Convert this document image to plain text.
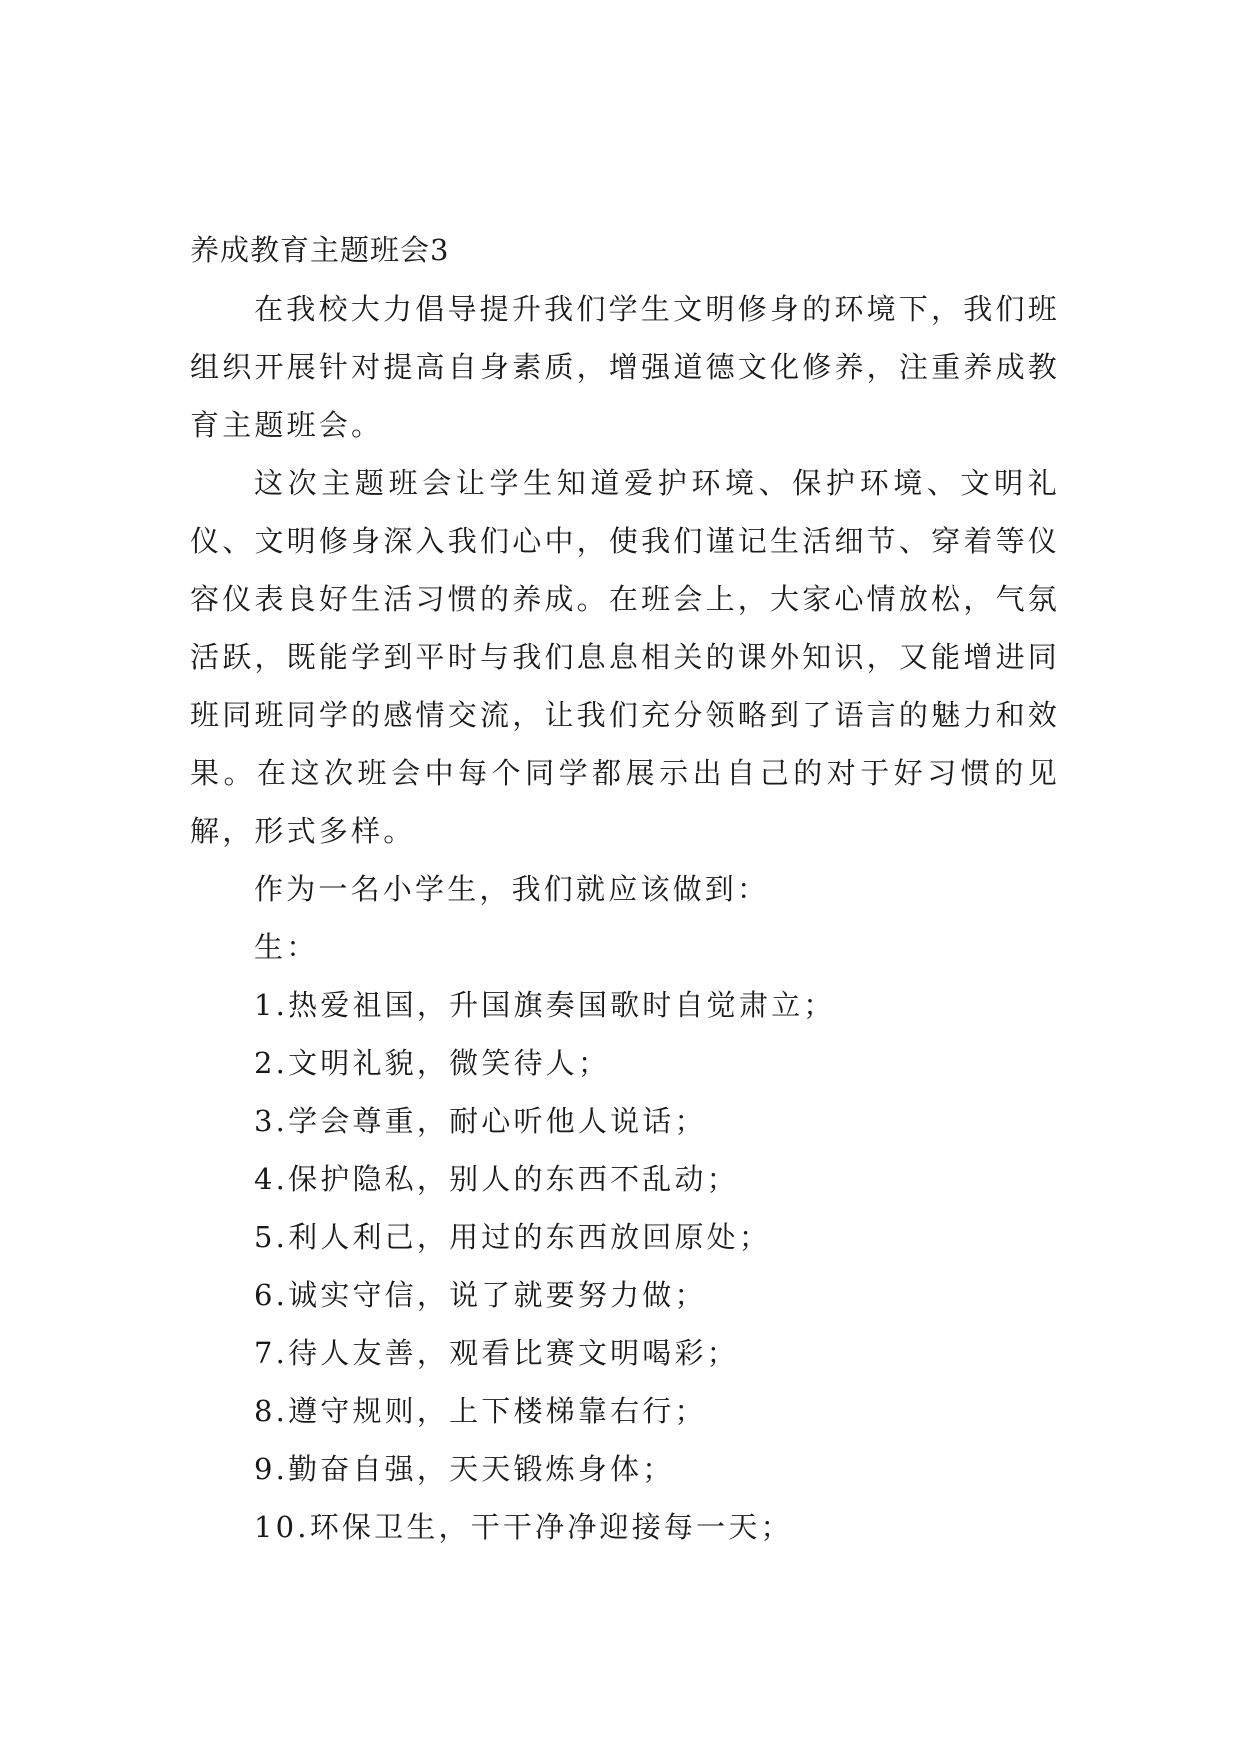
养成教育主题班会3

在我校大力倡导提升我们学生文明修身的环境下，我们班组织开展针对提高自身素质，增强道德文化修养，注重养成教育主题班会。

这次主题班会让学生知道爱护环境、保护环境、文明礼仪、文明修身深入我们心中，使我们谨记生活细节、穿着等仪容仪表良好生活习惯的养成。在班会上，大家心情放松，气氛活跃，既能学到平时与我们息息相关的课外知识，又能增进同班同班同学的感情交流，让我们充分领略到了语言的魅力和效果。在这次班会中每个同学都展示出自己的对于好习惯的见解，形式多样。

作为一名小学生，我们就应该做到：

生：

1.热爱祖国，升国旗奏国歌时自觉肃立；

2.文明礼貌，微笑待人；

3.学会尊重，耐心听他人说话；

4.保护隐私，别人的东西不乱动；

5.利人利己，用过的东西放回原处；

6.诚实守信，说了就要努力做；

7.待人友善，观看比赛文明喝彩；

8.遵守规则，上下楼梯靠右行；

9.勤奋自强，天天锻炼身体；

10.环保卫生，干干净净迎接每一天；
